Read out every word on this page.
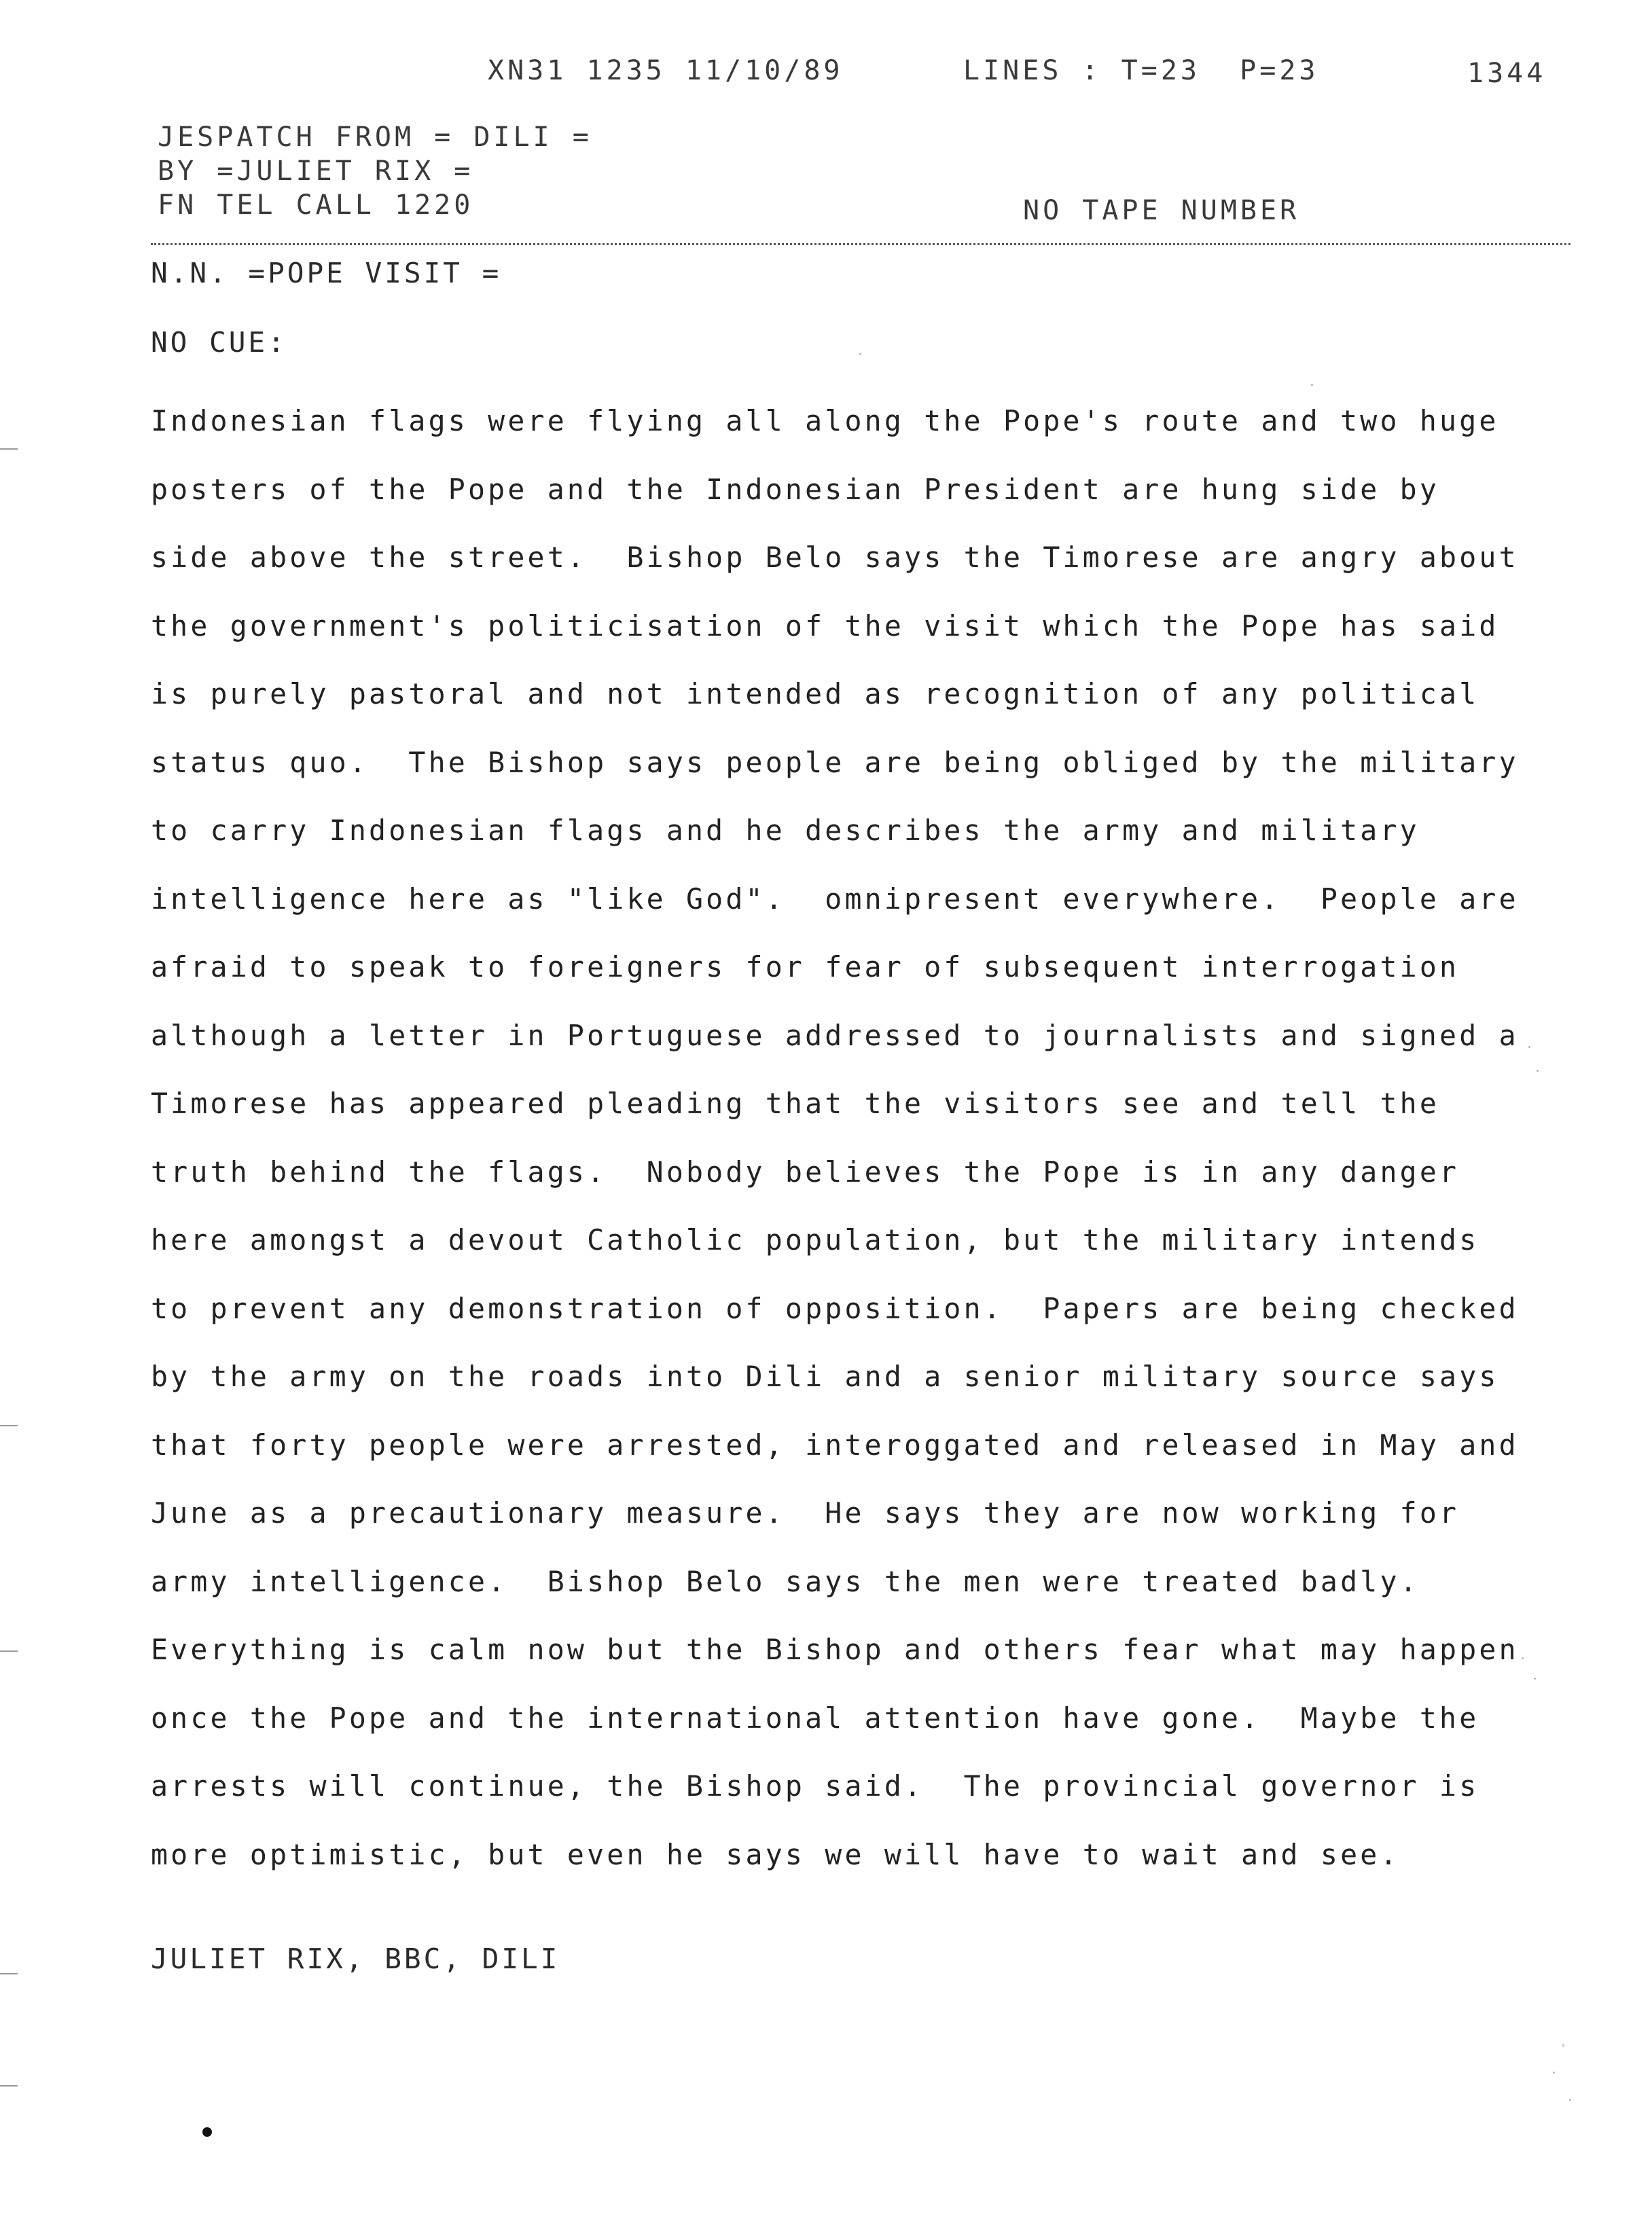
XN31 1235 11/10/89	LINES : T=23  P=23	1344
JESPATCH FROM = DILI =
BY =JULIET RIX =
FN TEL CALL 1220	NO TAPE NUMBER
N.N. =POPE VISIT =
NO CUE:
Indonesian flags were flying all along the Pope's route and two huge
posters of the Pope and the Indonesian President are hung side by
side above the street.  Bishop Belo says the Timorese are angry about
the government's politicisation of the visit which the Pope has said
is purely pastoral and not intended as recognition of any political
status quo.  The Bishop says people are being obliged by the military
to carry Indonesian flags and he describes the army and military
intelligence here as "like God".  omnipresent everywhere.  People are
afraid to speak to foreigners for fear of subsequent interrogation
although a letter in Portuguese addressed to journalists and signed a
Timorese has appeared pleading that the visitors see and tell the
truth behind the flags.  Nobody believes the Pope is in any danger
here amongst a devout Catholic population, but the military intends
to prevent any demonstration of opposition.  Papers are being checked
by the army on the roads into Dili and a senior military source says
that forty people were arrested, interoggated and released in May and
June as a precautionary measure.  He says they are now working for
army intelligence.  Bishop Belo says the men were treated badly.
Everything is calm now but the Bishop and others fear what may happen
once the Pope and the international attention have gone.  Maybe the
arrests will continue, the Bishop said.  The provincial governor is
more optimistic, but even he says we will have to wait and see.
JULIET RIX, BBC, DILI
